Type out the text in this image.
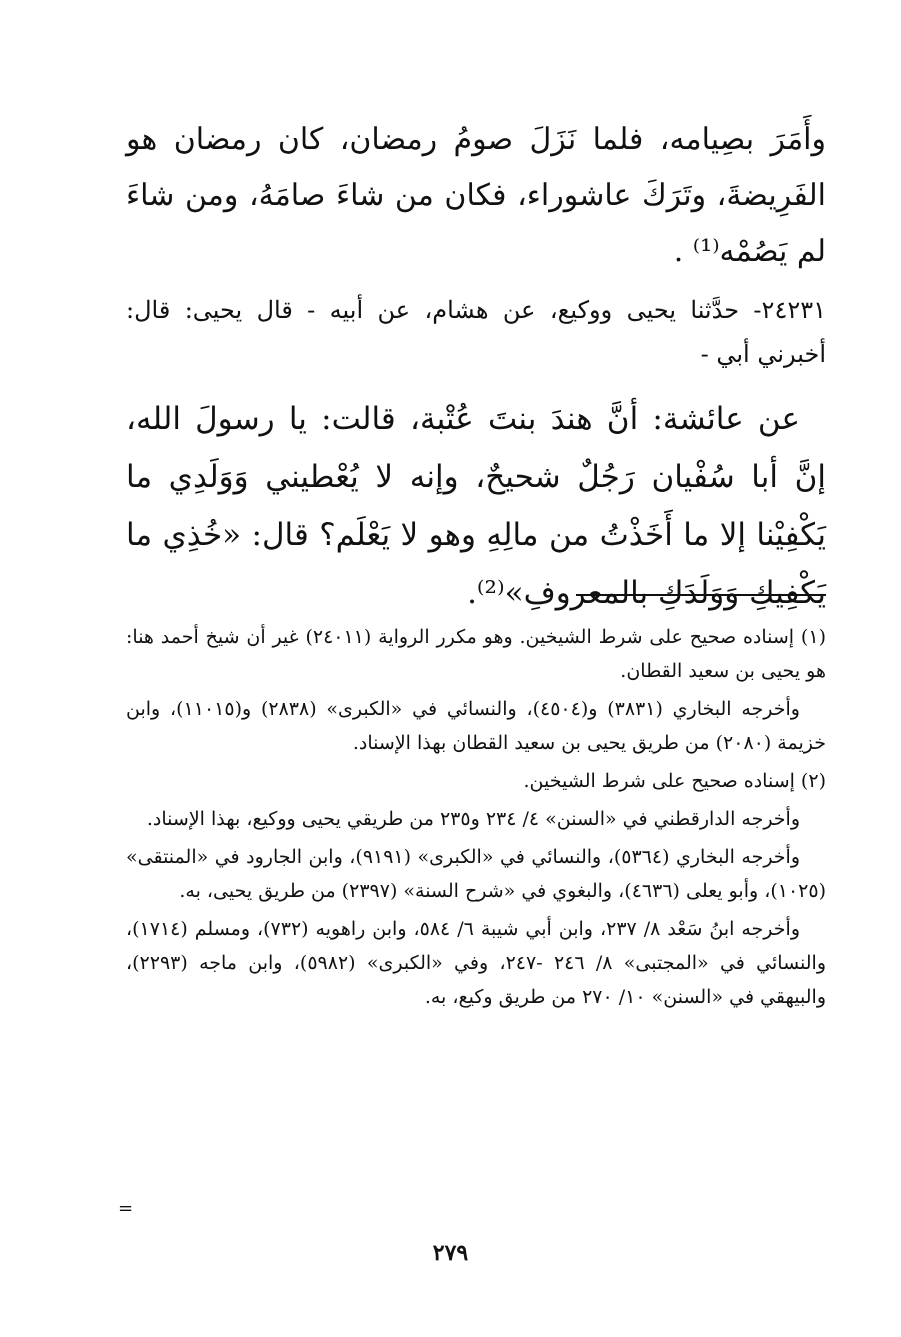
وأَمَرَ بصِيامه، فلما نَزَلَ صومُ رمضان، كان رمضان هو الفَرِيضةَ، وتَرَكَ عاشوراء، فكان من شاءَ صامَهُ، ومن شاءَ لم يَصُمْه⁽¹⁾ .

٢٤٢٣١- حدَّثنا يحيى ووكيع، عن هشام، عن أبيه - قال يحيى: قال: أخبرني أبي -

عن عائشة: أنَّ هندَ بنتَ عُتْبة، قالت: يا رسولَ الله، إنَّ أبا سُفْيان رَجُلٌ شحيحٌ، وإنه لا يُعْطيني وَوَلَدِي ما يَكْفِيْنا إلا ما أَخَذْتُ من مالِهِ وهو لا يَعْلَم؟ قال: «خُذِي ما يَكْفِيكِ وَوَلَدَكِ بالمعروفِ»⁽²⁾.

(١) إسناده صحيح على شرط الشيخين. وهو مكرر الرواية (٢٤٠١١) غير أن شيخ أحمد هنا: هو يحيى بن سعيد القطان.

وأخرجه البخاري (٣٨٣١) و(٤٥٠٤)، والنسائي في «الكبرى» (٢٨٣٨) و(١١٠١٥)، وابن خزيمة (٢٠٨٠) من طريق يحيى بن سعيد القطان بهذا الإسناد.

(٢) إسناده صحيح على شرط الشيخين.

وأخرجه الدارقطني في «السنن» ٤/ ٢٣٤ و٢٣٥ من طريقي يحيى ووكيع، بهذا الإسناد.

وأخرجه البخاري (٥٣٦٤)، والنسائي في «الكبرى» (٩١٩١)، وابن الجارود في «المنتقى» (١٠٢٥)، وأبو يعلى (٤٦٣٦)، والبغوي في «شرح السنة» (٢٣٩٧) من طريق يحيى، به.

وأخرجه ابنُ سَعْد ٨/ ٢٣٧، وابن أبي شيبة ٦/ ٥٨٤، وابن راهويه (٧٣٢)، ومسلم (١٧١٤)، والنسائي في «المجتبى» ٨/ ٢٤٦ -٢٤٧، وفي «الكبرى» (٥٩٨٢)، وابن ماجه (٢٢٩٣)، والبيهقي في «السنن» ١٠/ ٢٧٠ من طريق وكيع، به.

=
٢٧٩
